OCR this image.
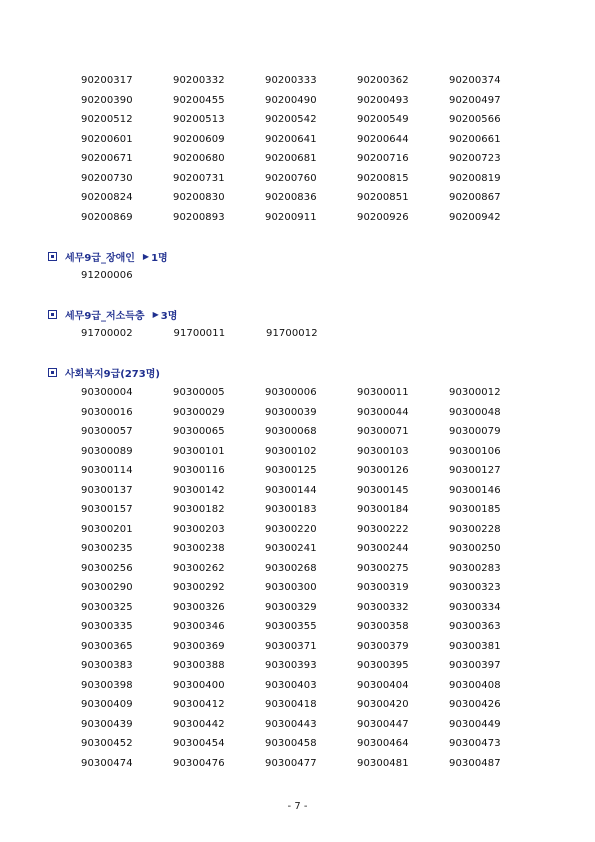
90200317	90200332	90200333	90200362	90200374
90200390	90200455	90200490	90200493	90200497
90200512	90200513	90200542	90200549	90200566
90200601	90200609	90200641	90200644	90200661
90200671	90200680	90200681	90200716	90200723
90200730	90200731	90200760	90200815	90200819
90200824	90200830	90200836	90200851	90200867
90200869	90200893	90200911	90200926	90200942
세무9급_장애인 ▶ 1명
91200006
세무9급_저소득층 ▶ 3명
91700002	91700011	91700012
사회복지9급(273명)
90300004	90300005	90300006	90300011	90300012
90300016	90300029	90300039	90300044	90300048
90300057	90300065	90300068	90300071	90300079
90300089	90300101	90300102	90300103	90300106
90300114	90300116	90300125	90300126	90300127
90300137	90300142	90300144	90300145	90300146
90300157	90300182	90300183	90300184	90300185
90300201	90300203	90300220	90300222	90300228
90300235	90300238	90300241	90300244	90300250
90300256	90300262	90300268	90300275	90300283
90300290	90300292	90300300	90300319	90300323
90300325	90300326	90300329	90300332	90300334
90300335	90300346	90300355	90300358	90300363
90300365	90300369	90300371	90300379	90300381
90300383	90300388	90300393	90300395	90300397
90300398	90300400	90300403	90300404	90300408
90300409	90300412	90300418	90300420	90300426
90300439	90300442	90300443	90300447	90300449
90300452	90300454	90300458	90300464	90300473
90300474	90300476	90300477	90300481	90300487
- 7 -
